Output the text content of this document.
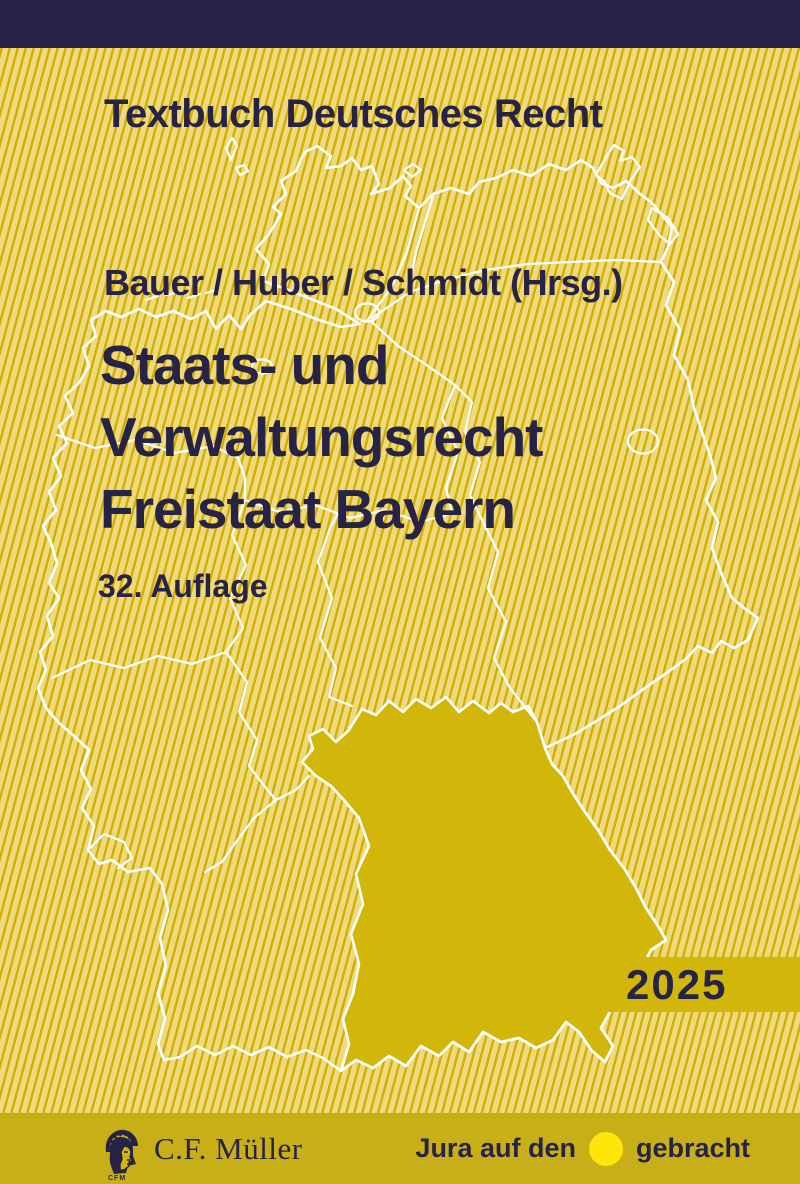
Textbuch Deutsches Recht
Bauer / Huber / Schmidt (Hrsg.)
Staats- und
Verwaltungsrecht
Freistaat Bayern
32. Auflage
2025
CFM
C.F. Müller	Jura auf den gebracht
